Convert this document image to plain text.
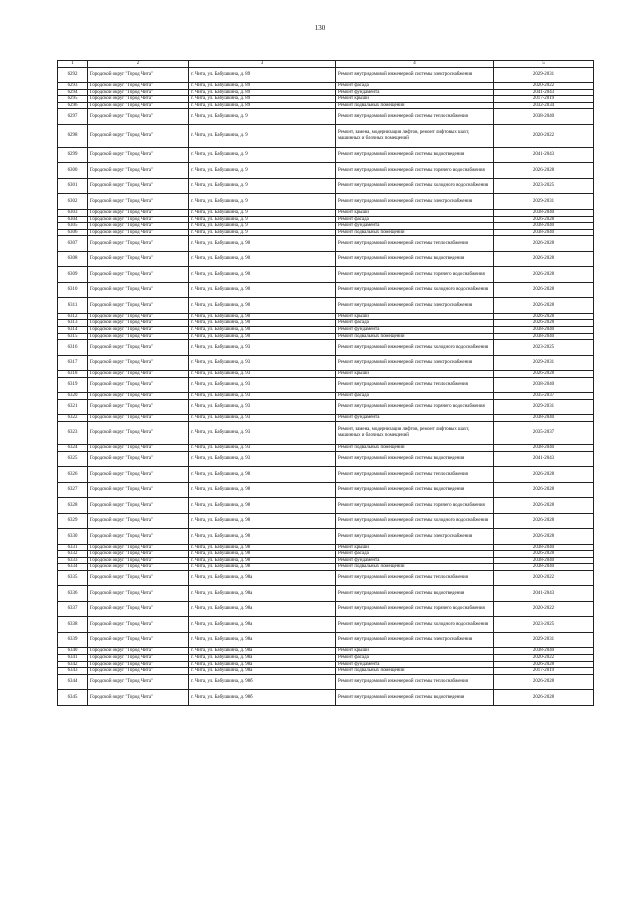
130
1	2	3	4	5
6292	Городской округ "Город Чита"	г. Чита, ул. Бабушкина, д. 89	Ремонт внутридомовой инженерной системы электроснабжения	2029-2031
6293	Городской округ "Город Чита"	г. Чита, ул. Бабушкина, д. 89	Ремонт фасада	2020-2022
6294	Городской округ "Город Чита"	г. Чита, ул. Бабушкина, д. 89	Ремонт фундамента	2041-2043
6295	Городской округ "Город Чита"	г. Чита, ул. Бабушкина, д. 89	Ремонт крыши	2017-2019
6296	Городской округ "Город Чита"	г. Чита, ул. Бабушкина, д. 89	Ремонт подвальных помещений	2032-2034
6297	Городской округ "Город Чита"	г. Чита, ул. Бабушкина, д. 9	Ремонт внутридомовой инженерной системы теплоснабжения	2038-2040
6298	Городской округ "Город Чита"	г. Чита, ул. Бабушкина, д. 9	Ремонт, замена, модернизация лифтов, ремонт лифтовых шахт, машинных и блочных помещений	2020-2022
6299	Городской округ "Город Чита"	г. Чита, ул. Бабушкина, д. 9	Ремонт внутридомовой инженерной системы водоотведения	2041-2043
6300	Городской округ "Город Чита"	г. Чита, ул. Бабушкина, д. 9	Ремонт внутридомовой инженерной системы горячего водоснабжения	2026-2028
6301	Городской округ "Город Чита"	г. Чита, ул. Бабушкина, д. 9	Ремонт внутридомовой инженерной системы холодного водоснабжения	2023-2025
6302	Городской округ "Город Чита"	г. Чита, ул. Бабушкина, д. 9	Ремонт внутридомовой инженерной системы электроснабжения	2029-2031
6303	Городской округ "Город Чита"	г. Чита, ул. Бабушкина, д. 9	Ремонт крыши	2038-2040
6304	Городской округ "Город Чита"	г. Чита, ул. Бабушкина, д. 9	Ремонт фасада	2026-2028
6305	Городской округ "Город Чита"	г. Чита, ул. Бабушкина, д. 9	Ремонт фундамента	2038-2040
6306	Городской округ "Город Чита"	г. Чита, ул. Бабушкина, д. 9	Ремонт подвальных помещений	2038-2040
6307	Городской округ "Город Чита"	г. Чита, ул. Бабушкина, д. 90	Ремонт внутридомовой инженерной системы теплоснабжения	2026-2028
6308	Городской округ "Город Чита"	г. Чита, ул. Бабушкина, д. 90	Ремонт внутридомовой инженерной системы водоотведения	2026-2028
6309	Городской округ "Город Чита"	г. Чита, ул. Бабушкина, д. 90	Ремонт внутридомовой инженерной системы горячего водоснабжения	2026-2028
6310	Городской округ "Город Чита"	г. Чита, ул. Бабушкина, д. 90	Ремонт внутридомовой инженерной системы холодного водоснабжения	2026-2028
6311	Городской округ "Город Чита"	г. Чита, ул. Бабушкина, д. 90	Ремонт внутридомовой инженерной системы электроснабжения	2026-2028
6312	Городской округ "Город Чита"	г. Чита, ул. Бабушкина, д. 90	Ремонт крыши	2026-2028
6313	Городской округ "Город Чита"	г. Чита, ул. Бабушкина, д. 90	Ремонт фасада	2026-2028
6314	Городской округ "Город Чита"	г. Чита, ул. Бабушкина, д. 90	Ремонт фундамента	2038-2040
6315	Городской округ "Город Чита"	г. Чита, ул. Бабушкина, д. 90	Ремонт подвальных помещений	2038-2040
6316	Городской округ "Город Чита"	г. Чита, ул. Бабушкина, д. 93	Ремонт внутридомовой инженерной системы холодного водоснабжения	2023-2025
6317	Городской округ "Город Чита"	г. Чита, ул. Бабушкина, д. 93	Ремонт внутридомовой инженерной системы электроснабжения	2029-2031
6318	Городской округ "Город Чита"	г. Чита, ул. Бабушкина, д. 93	Ремонт крыши	2026-2028
6319	Городской округ "Город Чита"	г. Чита, ул. Бабушкина, д. 93	Ремонт внутридомовой инженерной системы теплоснабжения	2038-2040
6320	Городской округ "Город Чита"	г. Чита, ул. Бабушкина, д. 93	Ремонт фасада	2035-2037
6321	Городской округ "Город Чита"	г. Чита, ул. Бабушкина, д. 93	Ремонт внутридомовой инженерной системы горячего водоснабжения	2029-2031
6322	Городской округ "Город Чита"	г. Чита, ул. Бабушкина, д. 93	Ремонт фундамента	2038-2040
6323	Городской округ "Город Чита"	г. Чита, ул. Бабушкина, д. 93	Ремонт, замена, модернизация лифтов, ремонт лифтовых шахт, машинных и блочных помещений	2035-2037
6324	Городской округ "Город Чита"	г. Чита, ул. Бабушкина, д. 93	Ремонт подвальных помещений	2038-2040
6325	Городской округ "Город Чита"	г. Чита, ул. Бабушкина, д. 93	Ремонт внутридомовой инженерной системы водоотведения	2041-2043
6326	Городской округ "Город Чита"	г. Чита, ул. Бабушкина, д. 98	Ремонт внутридомовой инженерной системы теплоснабжения	2026-2028
6327	Городской округ "Город Чита"	г. Чита, ул. Бабушкина, д. 98	Ремонт внутридомовой инженерной системы водоотведения	2026-2028
6328	Городской округ "Город Чита"	г. Чита, ул. Бабушкина, д. 98	Ремонт внутридомовой инженерной системы горячего водоснабжения	2026-2028
6329	Городской округ "Город Чита"	г. Чита, ул. Бабушкина, д. 98	Ремонт внутридомовой инженерной системы холодного водоснабжения	2026-2028
6330	Городской округ "Город Чита"	г. Чита, ул. Бабушкина, д. 98	Ремонт внутридомовой инженерной системы электроснабжения	2026-2028
6331	Городской округ "Город Чита"	г. Чита, ул. Бабушкина, д. 98	Ремонт крыши	2038-2040
6332	Городской округ "Город Чита"	г. Чита, ул. Бабушкина, д. 98	Ремонт фасада	2026-2028
6333	Городской округ "Город Чита"	г. Чита, ул. Бабушкина, д. 98	Ремонт фундамента	2038-2040
6334	Городской округ "Город Чита"	г. Чита, ул. Бабушкина, д. 98	Ремонт подвальных помещений	2038-2040
6335	Городской округ "Город Чита"	г. Чита, ул. Бабушкина, д. 98а	Ремонт внутридомовой инженерной системы теплоснабжения	2020-2022
6336	Городской округ "Город Чита"	г. Чита, ул. Бабушкина, д. 98а	Ремонт внутридомовой инженерной системы водоотведения	2041-2043
6337	Городской округ "Город Чита"	г. Чита, ул. Бабушкина, д. 98а	Ремонт внутридомовой инженерной системы горячего водоснабжения	2020-2022
6338	Городской округ "Город Чита"	г. Чита, ул. Бабушкина, д. 98а	Ремонт внутридомовой инженерной системы холодного водоснабжения	2023-2025
6339	Городской округ "Город Чита"	г. Чита, ул. Бабушкина, д. 98а	Ремонт внутридомовой инженерной системы электроснабжения	2029-2031
6340	Городской округ "Город Чита"	г. Чита, ул. Бабушкина, д. 98а	Ремонт крыши	2038-2040
6341	Городской округ "Город Чита"	г. Чита, ул. Бабушкина, д. 98а	Ремонт фасада	2020-2022
6342	Городской округ "Город Чита"	г. Чита, ул. Бабушкина, д. 98а	Ремонт фундамента	2026-2028
6343	Городской округ "Город Чита"	г. Чита, ул. Бабушкина, д. 98а	Ремонт подвальных помещений	2017-2019
6344	Городской округ "Город Чита"	г. Чита, ул. Бабушкина, д. 98б	Ремонт внутридомовой инженерной системы теплоснабжения	2026-2028
6345	Городской округ "Город Чита"	г. Чита, ул. Бабушкина, д. 98б	Ремонт внутридомовой инженерной системы водоотведения	2026-2028
